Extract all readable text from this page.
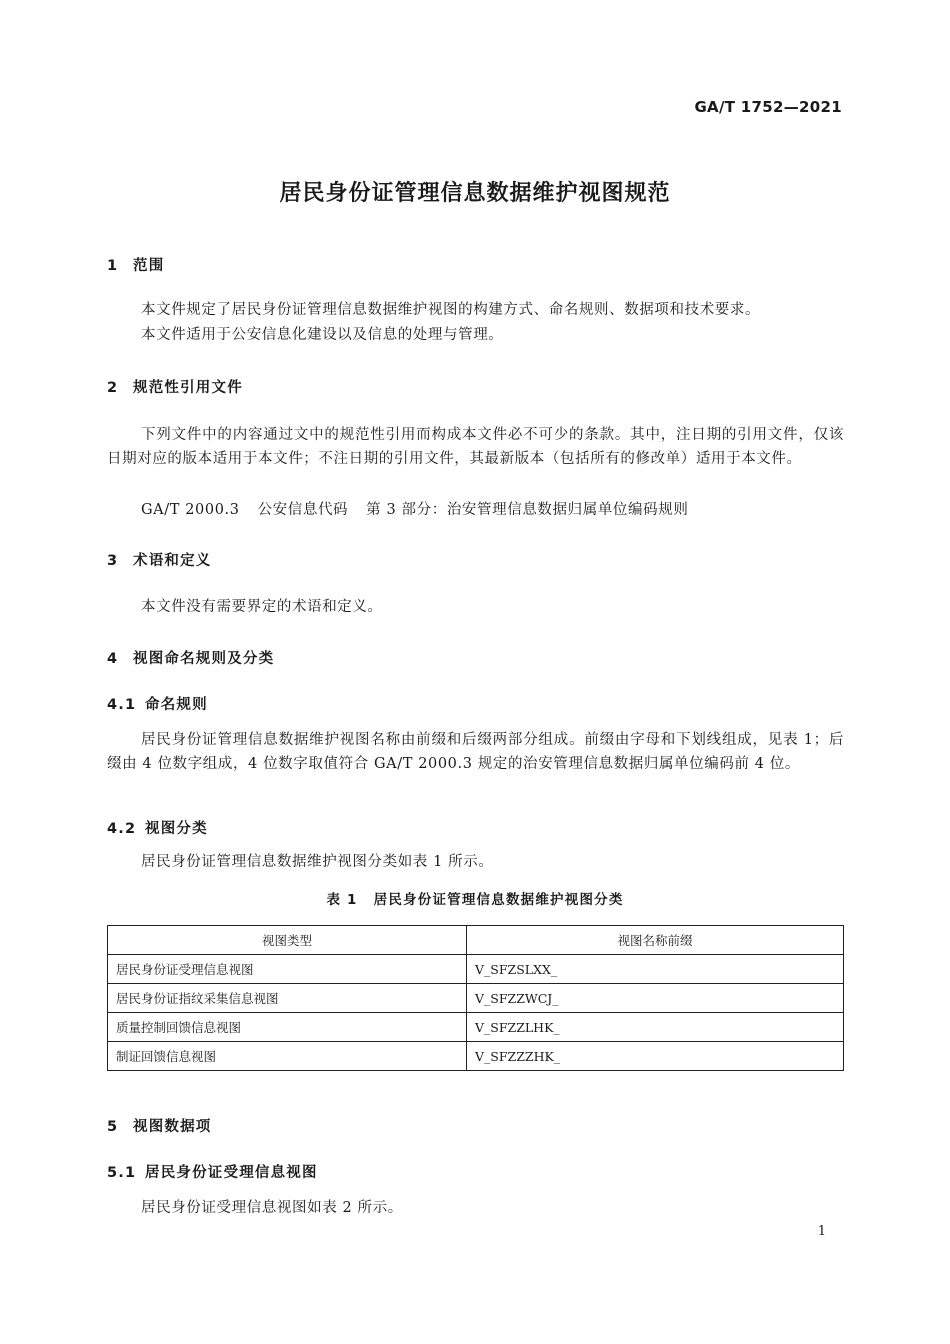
GA/T 1752—2021
居民身份证管理信息数据维护视图规范
1 范围

本文件规定了居民身份证管理信息数据维护视图的构建方式、命名规则、数据项和技术要求。

本文件适用于公安信息化建设以及信息的处理与管理。

2 规范性引用文件

下列文件中的内容通过文中的规范性引用而构成本文件必不可少的条款。其中，注日期的引用文件，仅该日期对应的版本适用于本文件；不注日期的引用文件，其最新版本（包括所有的修改单）适用于本文件。

GA/T 2000.3 公安信息代码 第 3 部分：治安管理信息数据归属单位编码规则
3 术语和定义

本文件没有需要界定的术语和定义。

4 视图命名规则及分类
4.1 命名规则

居民身份证管理信息数据维护视图名称由前缀和后缀两部分组成。前缀由字母和下划线组成，见表 1；后缀由 4 位数字组成，4 位数字取值符合 GA/T 2000.3 规定的治安管理信息数据归属单位编码前 4 位。

4.2 视图分类

居民身份证管理信息数据维护视图分类如表 1 所示。

表 1 居民身份证管理信息数据维护视图分类
视图类型	视图名称前缀
居民身份证受理信息视图	V_SFZSLXX_
居民身份证指纹采集信息视图	V_SFZZWCJ_
质量控制回馈信息视图	V_SFZZLHK_
制证回馈信息视图	V_SFZZZHK_
5 视图数据项
5.1 居民身份证受理信息视图

居民身份证受理信息视图如表 2 所示。

1
